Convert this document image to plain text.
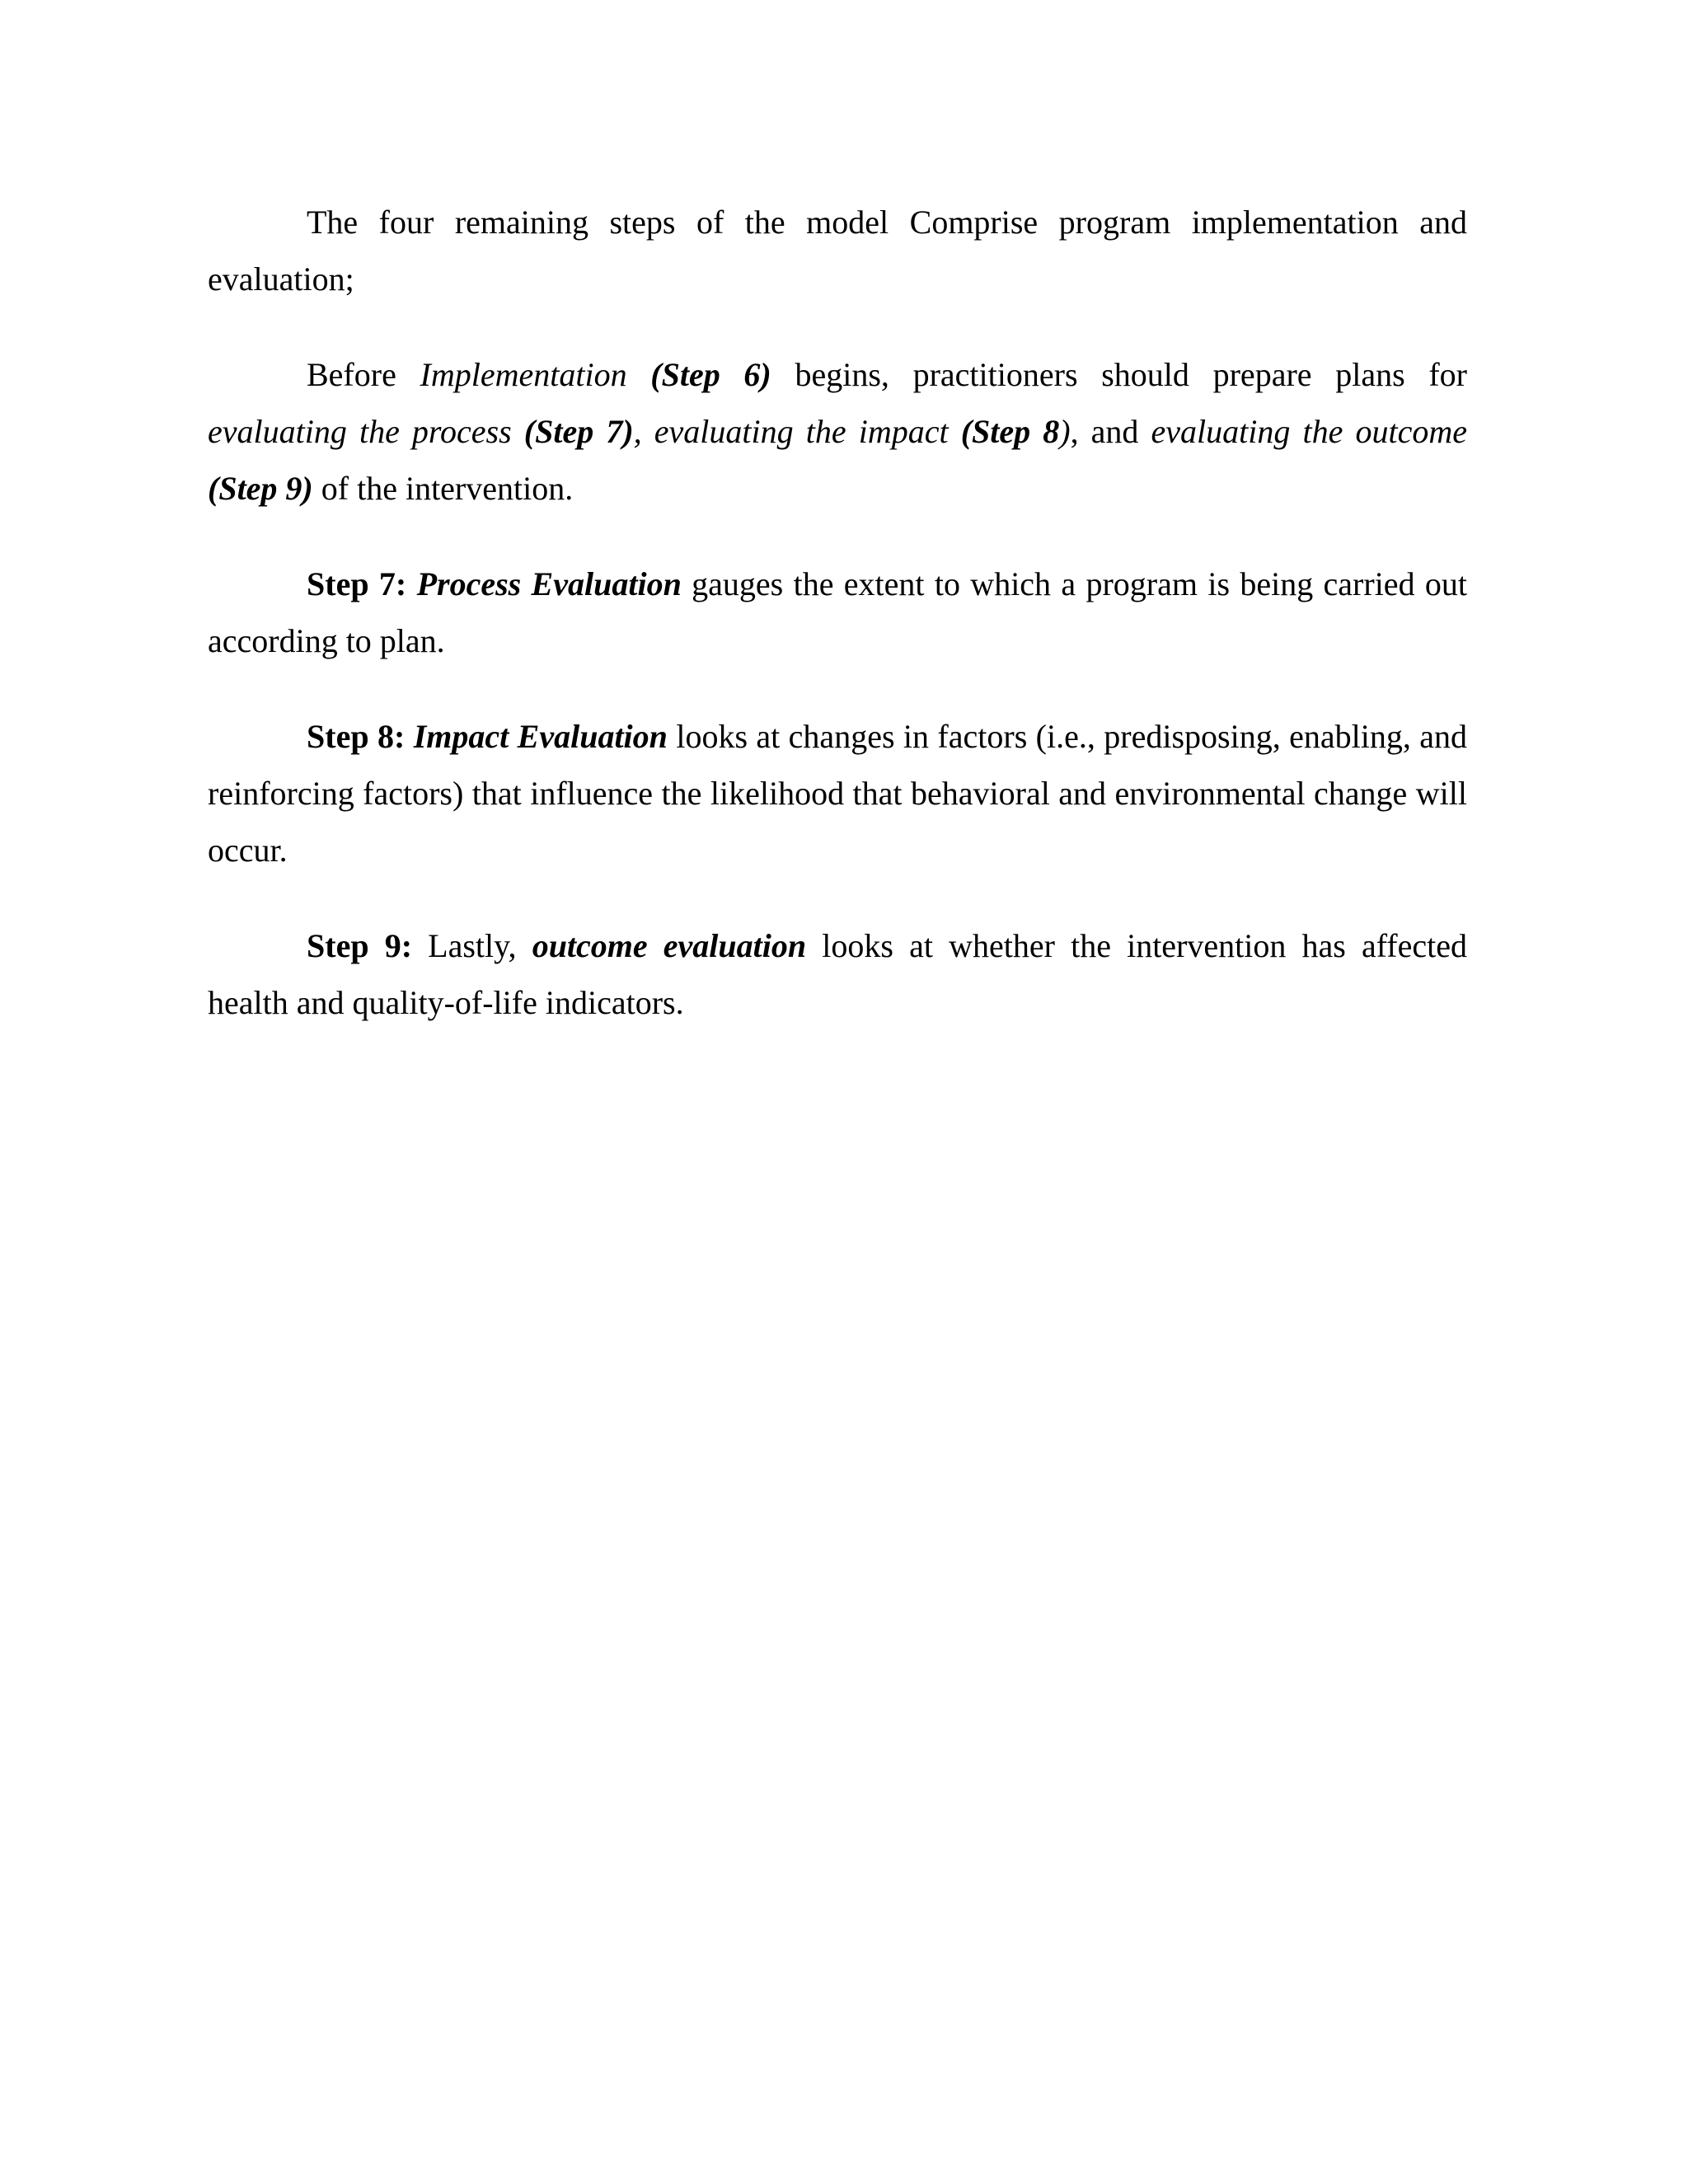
The four remaining steps of the model Comprise program implementation and evaluation;

Before Implementation (Step 6) begins, practitioners should prepare plans for evaluating the process (Step 7), evaluating the impact (Step 8), and evaluating the outcome (Step 9) of the intervention.

Step 7: Process Evaluation gauges the extent to which a program is being carried out according to plan.

Step 8: Impact Evaluation looks at changes in factors (i.e., predisposing, enabling, and reinforcing factors) that influence the likelihood that behavioral and environmental change will occur.

Step 9: Lastly, outcome evaluation looks at whether the intervention has affected health and quality-of-life indicators.
